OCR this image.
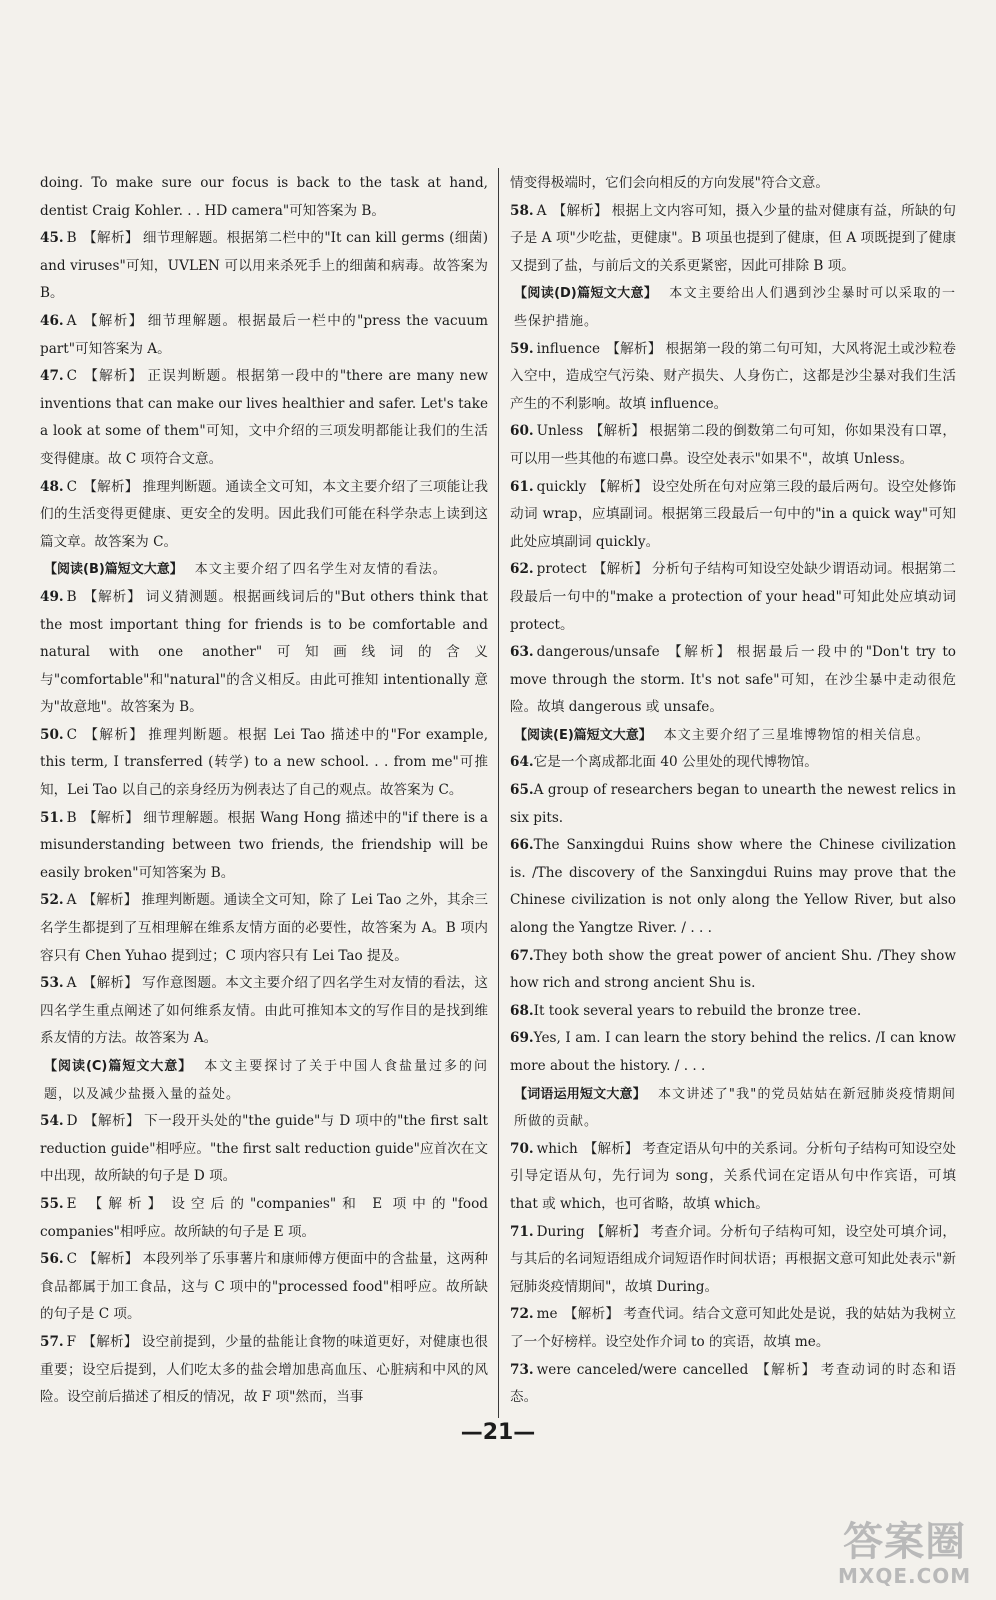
doing. To make sure our focus is back to the task at hand, dentist Craig Kohler. . . HD camera"可知答案为 B。

45. B 【解析】 细节理解题。根据第二栏中的"It can kill germs (细菌) and viruses"可知，UVLEN 可以用来杀死手上的细菌和病毒。故答案为 B。

46. A 【解析】 细节理解题。根据最后一栏中的"press the vacuum part"可知答案为 A。

47. C 【解析】 正误判断题。根据第一段中的"there are many new inventions that can make our lives healthier and safer. Let's take a look at some of them"可知，文中介绍的三项发明都能让我们的生活变得健康。故 C 项符合文意。

48. C 【解析】 推理判断题。通读全文可知，本文主要介绍了三项能让我们的生活变得更健康、更安全的发明。因此我们可能在科学杂志上读到这篇文章。故答案为 C。

【阅读(B)篇短文大意】 本文主要介绍了四名学生对友情的看法。

49. B 【解析】 词义猜测题。根据画线词后的"But others think that the most important thing for friends is to be comfortable and natural with one another"可知画线词的含义与"comfortable"和"natural"的含义相反。由此可推知 intentionally 意为"故意地"。故答案为 B。

50. C 【解析】 推理判断题。根据 Lei Tao 描述中的"For example, this term, I transferred (转学) to a new school. . . from me"可推知，Lei Tao 以自己的亲身经历为例表达了自己的观点。故答案为 C。

51. B 【解析】 细节理解题。根据 Wang Hong 描述中的"if there is a misunderstanding between two friends, the friendship will be easily broken"可知答案为 B。

52. A 【解析】 推理判断题。通读全文可知，除了 Lei Tao 之外，其余三名学生都提到了互相理解在维系友情方面的必要性，故答案为 A。B 项内容只有 Chen Yuhao 提到过；C 项内容只有 Lei Tao 提及。

53. A 【解析】 写作意图题。本文主要介绍了四名学生对友情的看法，这四名学生重点阐述了如何维系友情。由此可推知本文的写作目的是找到维系友情的方法。故答案为 A。

【阅读(C)篇短文大意】 本文主要探讨了关于中国人食盐量过多的问题，以及减少盐摄入量的益处。

54. D 【解析】 下一段开头处的"the guide"与 D 项中的"the first salt reduction guide"相呼应。"the first salt reduction guide"应首次在文中出现，故所缺的句子是 D 项。

55. E 【解析】 设空后的"companies"和 E 项中的"food companies"相呼应。故所缺的句子是 E 项。

56. C 【解析】 本段列举了乐事薯片和康师傅方便面中的含盐量，这两种食品都属于加工食品，这与 C 项中的"processed food"相呼应。故所缺的句子是 C 项。

57. F 【解析】 设空前提到，少量的盐能让食物的味道更好，对健康也很重要；设空后提到，人们吃太多的盐会增加患高血压、心脏病和中风的风险。设空前后描述了相反的情况，故 F 项"然而，当事

情变得极端时，它们会向相反的方向发展"符合文意。

58. A 【解析】 根据上文内容可知，摄入少量的盐对健康有益，所缺的句子是 A 项"少吃盐，更健康"。B 项虽也提到了健康，但 A 项既提到了健康又提到了盐，与前后文的关系更紧密，因此可排除 B 项。

【阅读(D)篇短文大意】 本文主要给出人们遇到沙尘暴时可以采取的一些保护措施。

59. influence 【解析】 根据第一段的第二句可知，大风将泥土或沙粒卷入空中，造成空气污染、财产损失、人身伤亡，这都是沙尘暴对我们生活产生的不利影响。故填 influence。

60. Unless 【解析】 根据第二段的倒数第二句可知，你如果没有口罩，可以用一些其他的布遮口鼻。设空处表示"如果不"，故填 Unless。

61. quickly 【解析】 设空处所在句对应第三段的最后两句。设空处修饰动词 wrap，应填副词。根据第三段最后一句中的"in a quick way"可知此处应填副词 quickly。

62. protect 【解析】 分析句子结构可知设空处缺少谓语动词。根据第二段最后一句中的"make a protection of your head"可知此处应填动词 protect。

63. dangerous/unsafe 【解析】 根据最后一段中的"Don't try to move through the storm. It's not safe"可知，在沙尘暴中走动很危险。故填 dangerous 或 unsafe。

【阅读(E)篇短文大意】 本文主要介绍了三星堆博物馆的相关信息。

64.它是一个离成都北面 40 公里处的现代博物馆。

65.A group of researchers began to unearth the newest relics in six pits.

66.The Sanxingdui Ruins show where the Chinese civilization is. /The discovery of the Sanxingdui Ruins may prove that the Chinese civilization is not only along the Yellow River, but also along the Yangtze River. / . . .

67.They both show the great power of ancient Shu. /They show how rich and strong ancient Shu is.

68.It took several years to rebuild the bronze tree.

69.Yes, I am. I can learn the story behind the relics. /I can know more about the history. / . . .

【词语运用短文大意】 本文讲述了"我"的党员姑姑在新冠肺炎疫情期间所做的贡献。

70. which 【解析】 考查定语从句中的关系词。分析句子结构可知设空处引导定语从句，先行词为 song，关系代词在定语从句中作宾语，可填 that 或 which，也可省略，故填 which。

71. During 【解析】 考查介词。分析句子结构可知，设空处可填介词，与其后的名词短语组成介词短语作时间状语；再根据文意可知此处表示"新冠肺炎疫情期间"，故填 During。

72. me 【解析】 考查代词。结合文意可知此处是说，我的姑姑为我树立了一个好榜样。设空处作介词 to 的宾语，故填 me。

73. were canceled/were cancelled 【解析】 考查动词的时态和语态。

—21—
答案圈
MXQE.COM
